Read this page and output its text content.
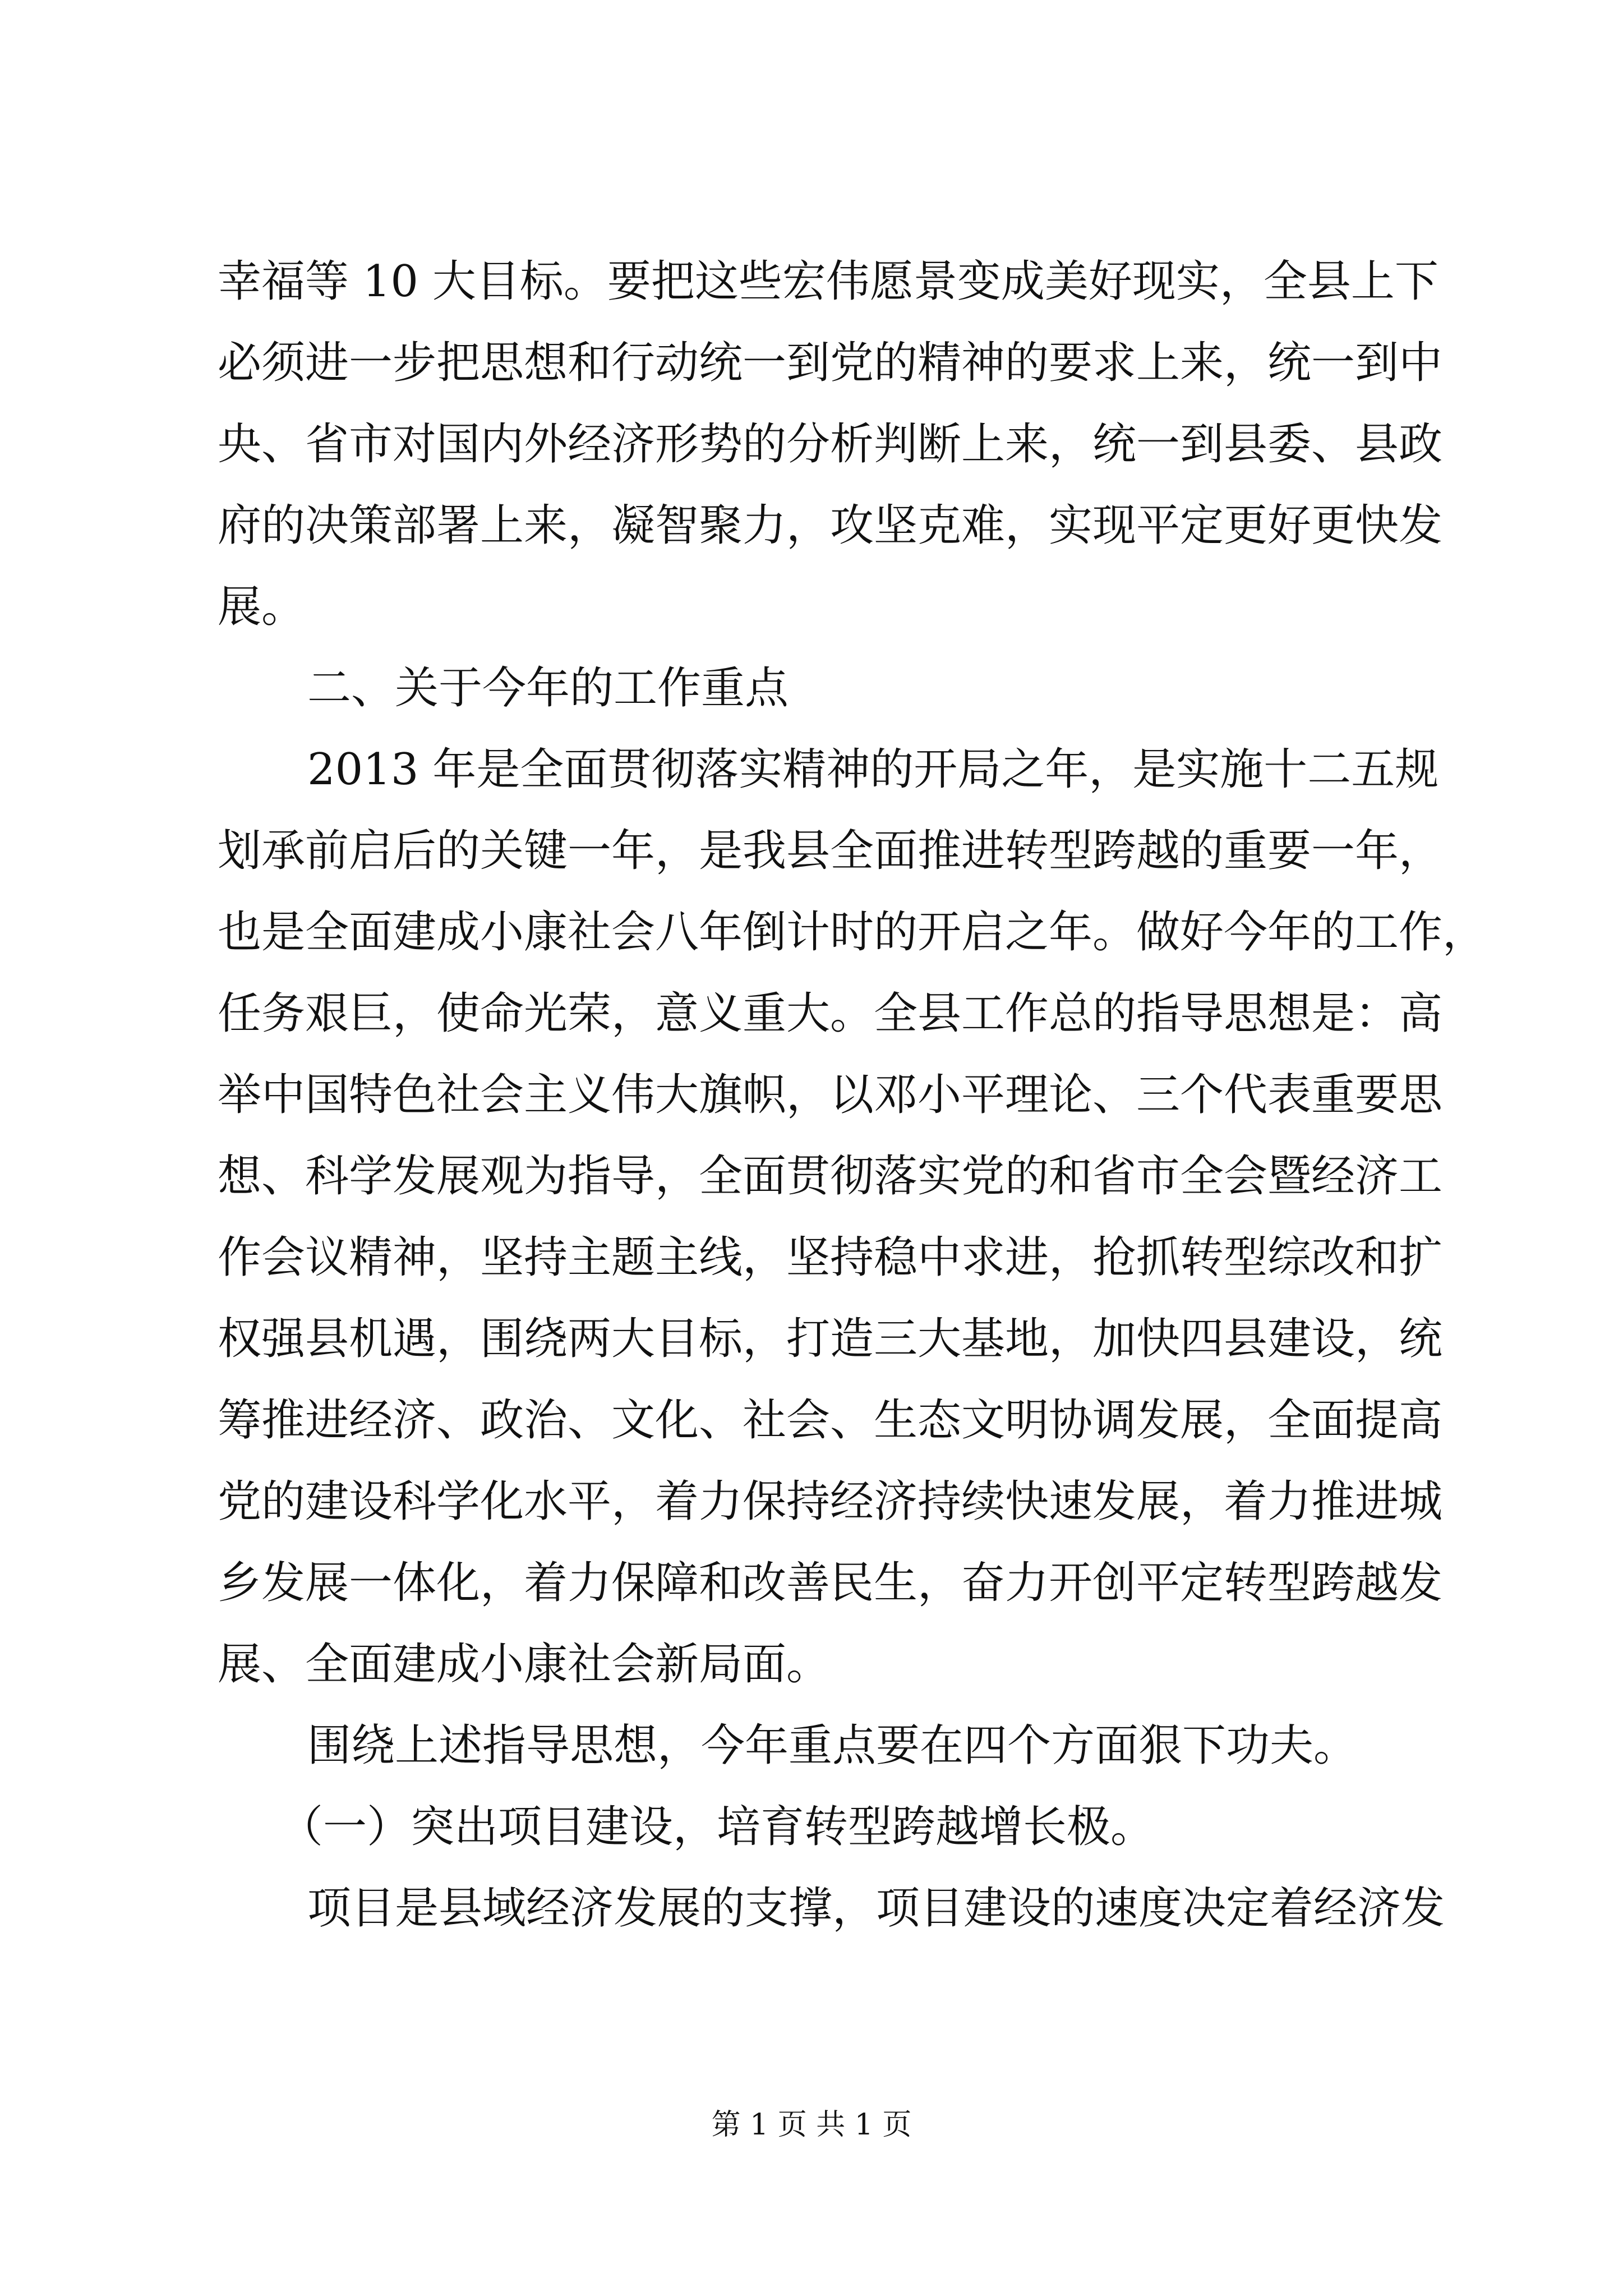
幸福等 10 大目标。要把这些宏伟愿景变成美好现实，全县上下
必须进一步把思想和行动统一到党的精神的要求上来，统一到中
央、省市对国内外经济形势的分析判断上来，统一到县委、县政
府的决策部署上来，凝智聚力，攻坚克难，实现平定更好更快发
展。
二、关于今年的工作重点
2013 年是全面贯彻落实精神的开局之年，是实施十二五规
划承前启后的关键一年，是我县全面推进转型跨越的重要一年，
也是全面建成小康社会八年倒计时的开启之年。做好今年的工作，
任务艰巨，使命光荣，意义重大。全县工作总的指导思想是：高
举中国特色社会主义伟大旗帜，以邓小平理论、三个代表重要思
想、科学发展观为指导，全面贯彻落实党的和省市全会暨经济工
作会议精神，坚持主题主线，坚持稳中求进，抢抓转型综改和扩
权强县机遇，围绕两大目标，打造三大基地，加快四县建设，统
筹推进经济、政治、文化、社会、生态文明协调发展，全面提高
党的建设科学化水平，着力保持经济持续快速发展，着力推进城
乡发展一体化，着力保障和改善民生，奋力开创平定转型跨越发
展、全面建成小康社会新局面。
围绕上述指导思想，今年重点要在四个方面狠下功夫。
（一）突出项目建设，培育转型跨越增长极。
项目是县域经济发展的支撑，项目建设的速度决定着经济发
第 1 页 共 1 页
